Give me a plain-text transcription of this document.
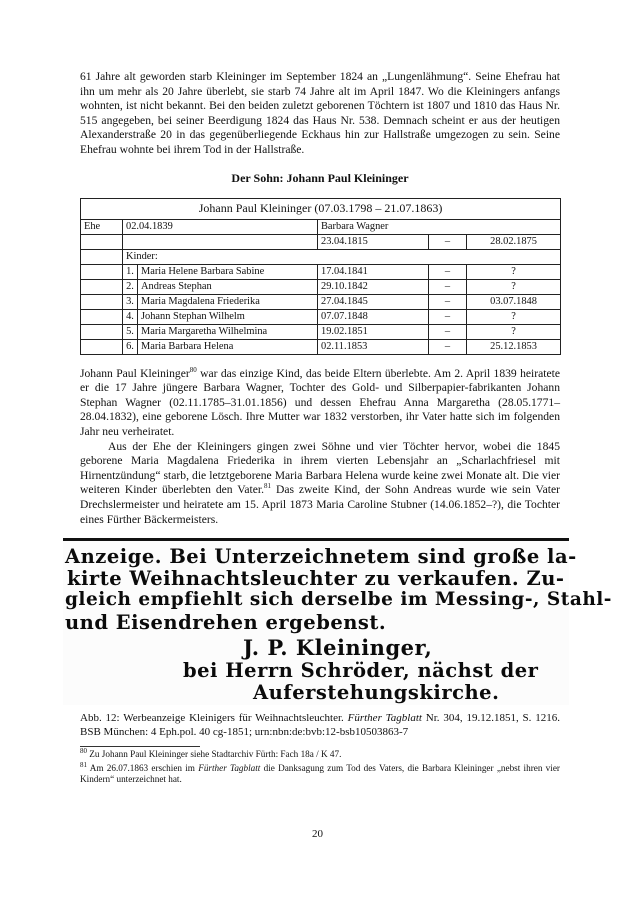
61 Jahre alt geworden starb Kleininger im September 1824 an „Lungenlähmung“. Seine Ehefrau hat ihn um mehr als 20 Jahre überlebt, sie starb 74 Jahre alt im April 1847. Wo die Kleiningers anfangs wohnten, ist nicht bekannt. Bei den beiden zuletzt geborenen Töchtern ist 1807 und 1810 das Haus Nr. 515 angegeben, bei seiner Beerdigung 1824 das Haus Nr. 538. Demnach scheint er aus der heutigen Alexanderstraße 20 in das gegenüberliegende Eckhaus hin zur Hallstraße umgezogen zu sein. Seine Ehefrau wohnte bei ihrem Tod in der Hallstraße.

Der Sohn: Johann Paul Kleininger
Johann Paul Kleininger (07.03.1798 – 21.07.1863)					
Ehe	02.04.1839		Barbara Wagner		
			23.04.1815	–	28.02.1875
	Kinder:				
	1.	Maria Helene Barbara Sabine	17.04.1841	–	?
	2.	Andreas Stephan	29.10.1842	–	?
	3.	Maria Magdalena Friederika	27.04.1845	–	03.07.1848
	4.	Johann Stephan Wilhelm	07.07.1848	–	?
	5.	Maria Margaretha Wilhelmina	19.02.1851	–	?
	6.	Maria Barbara Helena	02.11.1853	–	25.12.1853

Johann Paul Kleininger$^{80}$ war das einzige Kind, das beide Eltern überlebte. Am 2. April 1839 heiratete er die 17 Jahre jüngere Barbara Wagner, Tochter des Gold- und Silberpapier-fabrikanten Johann Stephan Wagner (02.11.1785–31.01.1856) und dessen Ehefrau Anna Margaretha (28.05.1771–28.04.1832), eine geborene Lösch. Ihre Mutter war 1832 verstorben, ihr Vater hatte sich im folgenden Jahr neu verheiratet.

Aus der Ehe der Kleiningers gingen zwei Söhne und vier Töchter hervor, wobei die 1845 geborene Maria Magdalena Friederika in ihrem vierten Lebensjahr an „Scharlachfriesel mit Hirnentzündung“ starb, die letztgeborene Maria Barbara Helena wurde keine zwei Monate alt. Die vier weiteren Kinder überlebten den Vater.$^{81}$ Das zweite Kind, der Sohn Andreas wurde wie sein Vater Drechslermeister und heiratete am 15. April 1873 Maria Caroline Stubner (14.06.1852–?), die Tochter eines Fürther Bäckermeisters.

Anzeige. Bei Unterzeichnetem sind große la-
kirte Weihnachtsleuchter zu verkaufen. Zu-
gleich empfiehlt sich derselbe im Messing-, Stahl-
und Eisendrehen ergebenst.
J. P. Kleininger,
bei Herrn Schröder, nächst der
Auferstehungskirche.

Abb. 12: Werbeanzeige Kleinigers für Weihnachtsleuchter. Fürther Tagblatt Nr. 304, 19.12.1851, S. 1216. BSB München: 4 Eph.pol. 40 cg-1851; urn:nbn:de:bvb:12-bsb10503863-7

$^{80}$ Zu Johann Paul Kleininger siehe Stadtarchiv Fürth: Fach 18a / K 47.

$^{81}$ Am 26.07.1863 erschien im Fürther Tagblatt die Danksagung zum Tod des Vaters, die Barbara Kleininger „nebst ihren vier Kindern“ unterzeichnet hat.

20
